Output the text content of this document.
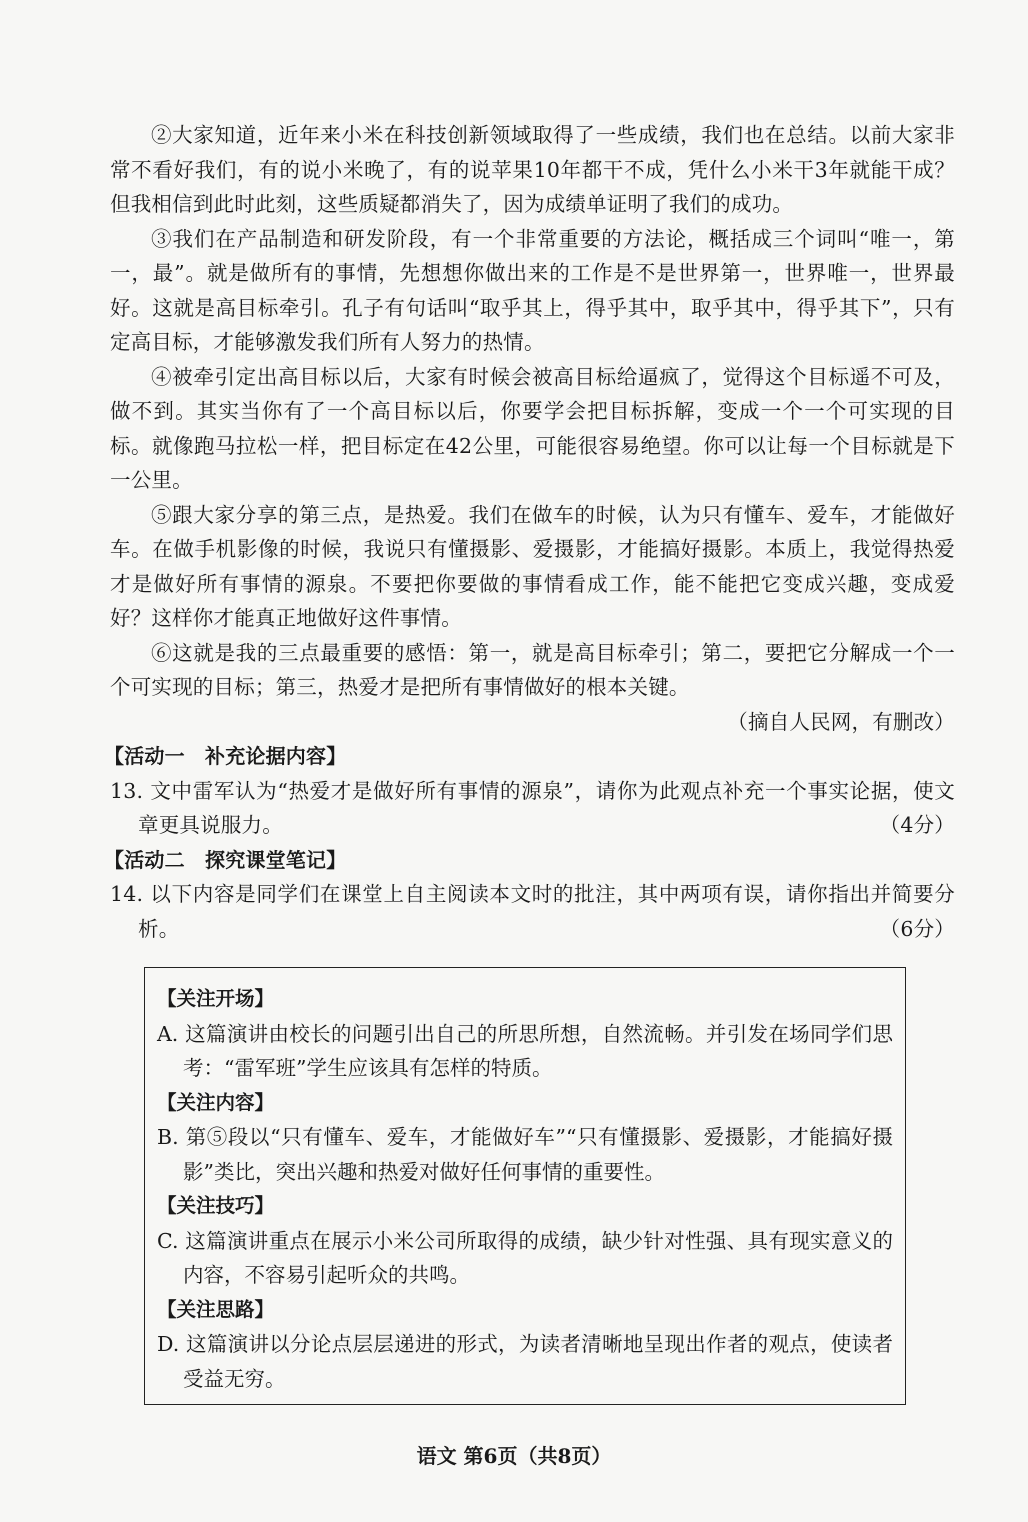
②大家知道，近年来小米在科技创新领域取得了一些成绩，我们也在总结。以前大家非常不看好我们，有的说小米晚了，有的说苹果10年都干不成，凭什么小米干3年就能干成？但我相信到此时此刻，这些质疑都消失了，因为成绩单证明了我们的成功。

③我们在产品制造和研发阶段，有一个非常重要的方法论，概括成三个词叫“唯一，第一，最”。就是做所有的事情，先想想你做出来的工作是不是世界第一，世界唯一，世界最好。这就是高目标牵引。孔子有句话叫“取乎其上，得乎其中，取乎其中，得乎其下”，只有定高目标，才能够激发我们所有人努力的热情。

④被牵引定出高目标以后，大家有时候会被高目标给逼疯了，觉得这个目标遥不可及，做不到。其实当你有了一个高目标以后，你要学会把目标拆解，变成一个一个可实现的目标。就像跑马拉松一样，把目标定在42公里，可能很容易绝望。你可以让每一个目标就是下一公里。

⑤跟大家分享的第三点，是热爱。我们在做车的时候，认为只有懂车、爱车，才能做好车。在做手机影像的时候，我说只有懂摄影、爱摄影，才能搞好摄影。本质上，我觉得热爱才是做好所有事情的源泉。不要把你要做的事情看成工作，能不能把它变成兴趣，变成爱好？这样你才能真正地做好这件事情。

⑥这就是我的三点最重要的感悟：第一，就是高目标牵引；第二，要把它分解成一个一个可实现的目标；第三，热爱才是把所有事情做好的根本关键。

（摘自人民网，有删改）

【活动一　补充论据内容】

13. 文中雷军认为“热爱才是做好所有事情的源泉”，请你为此观点补充一个事实论据，使文章更具说服力。	（4分）

【活动二　探究课堂笔记】

14. 以下内容是同学们在课堂上自主阅读本文时的批注，其中两项有误，请你指出并简要分析。	（6分）

【关注开场】

A. 这篇演讲由校长的问题引出自己的所思所想，自然流畅。并引发在场同学们思考：“雷军班”学生应该具有怎样的特质。

【关注内容】

B. 第⑤段以“只有懂车、爱车，才能做好车”“只有懂摄影、爱摄影，才能搞好摄影”类比，突出兴趣和热爱对做好任何事情的重要性。

【关注技巧】

C. 这篇演讲重点在展示小米公司所取得的成绩，缺少针对性强、具有现实意义的内容，不容易引起听众的共鸣。

【关注思路】

D. 这篇演讲以分论点层层递进的形式，为读者清晰地呈现出作者的观点，使读者受益无穷。

语文 第6页（共8页）
